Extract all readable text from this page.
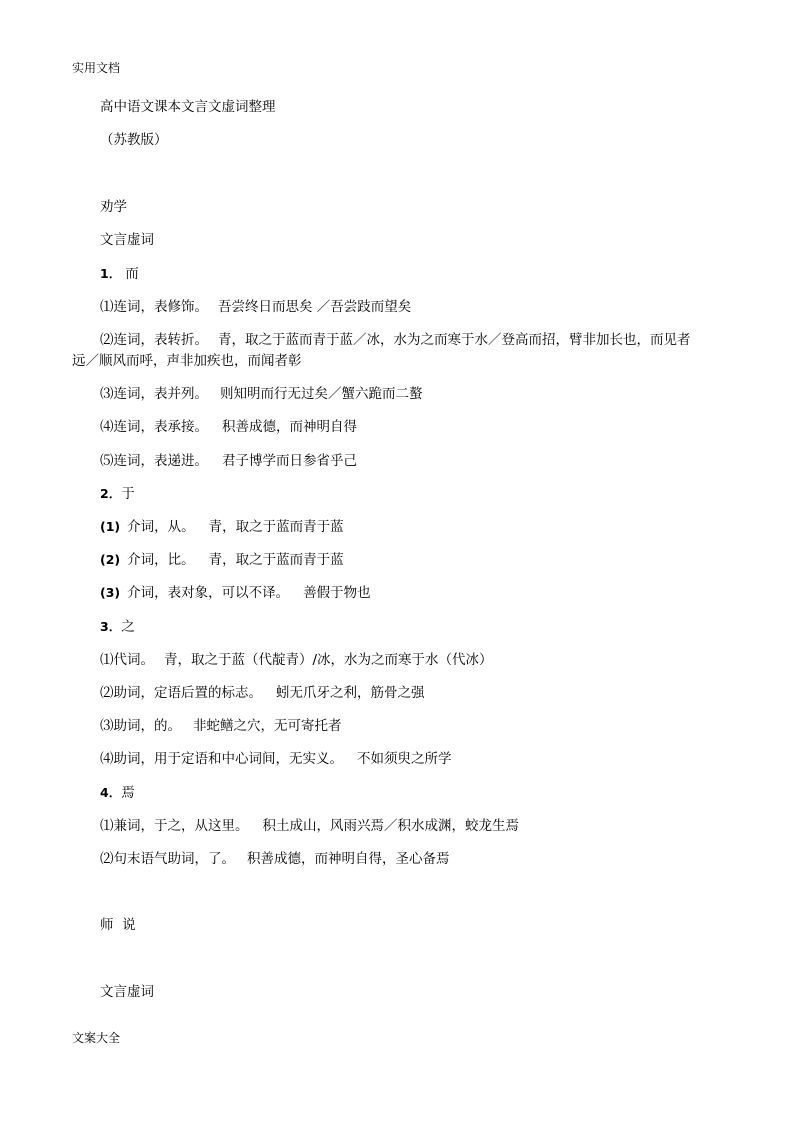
实用文档
高中语文课本文言文虚词整理
（苏教版）
劝学
文言虚词
1． 而
⑴连词，表修饰。 吾尝终日而思矣 ／吾尝跂而望矣
⑵连词，表转折。 青，取之于蓝而青于蓝／冰，水为之而寒于水／登高而招，臂非加长也，而见者远／顺风而呼，声非加疾也，而闻者彰
⑶连词，表并列。 则知明而行无过矣／蟹六跪而二螯
⑷连词，表承接。 积善成德，而神明自得
⑸连词，表递进。 君子博学而日参省乎己
2．于
(1) 介词，从。 青，取之于蓝而青于蓝
(2) 介词，比。 青，取之于蓝而青于蓝
(3) 介词，表对象，可以不译。 善假于物也
3．之
⑴代词。 青，取之于蓝（代靛青）/冰，水为之而寒于水（代冰）
⑵助词，定语后置的标志。 蚓无爪牙之利，筋骨之强
⑶助词，的。 非蛇鳝之穴，无可寄托者
⑷助词，用于定语和中心词间，无实义。 不如须臾之所学
4．焉
⑴兼词，于之，从这里。 积土成山，风雨兴焉／积水成渊，蛟龙生焉
⑵句末语气助词，了。 积善成德，而神明自得，圣心备焉
师  说
文言虚词
文案大全
